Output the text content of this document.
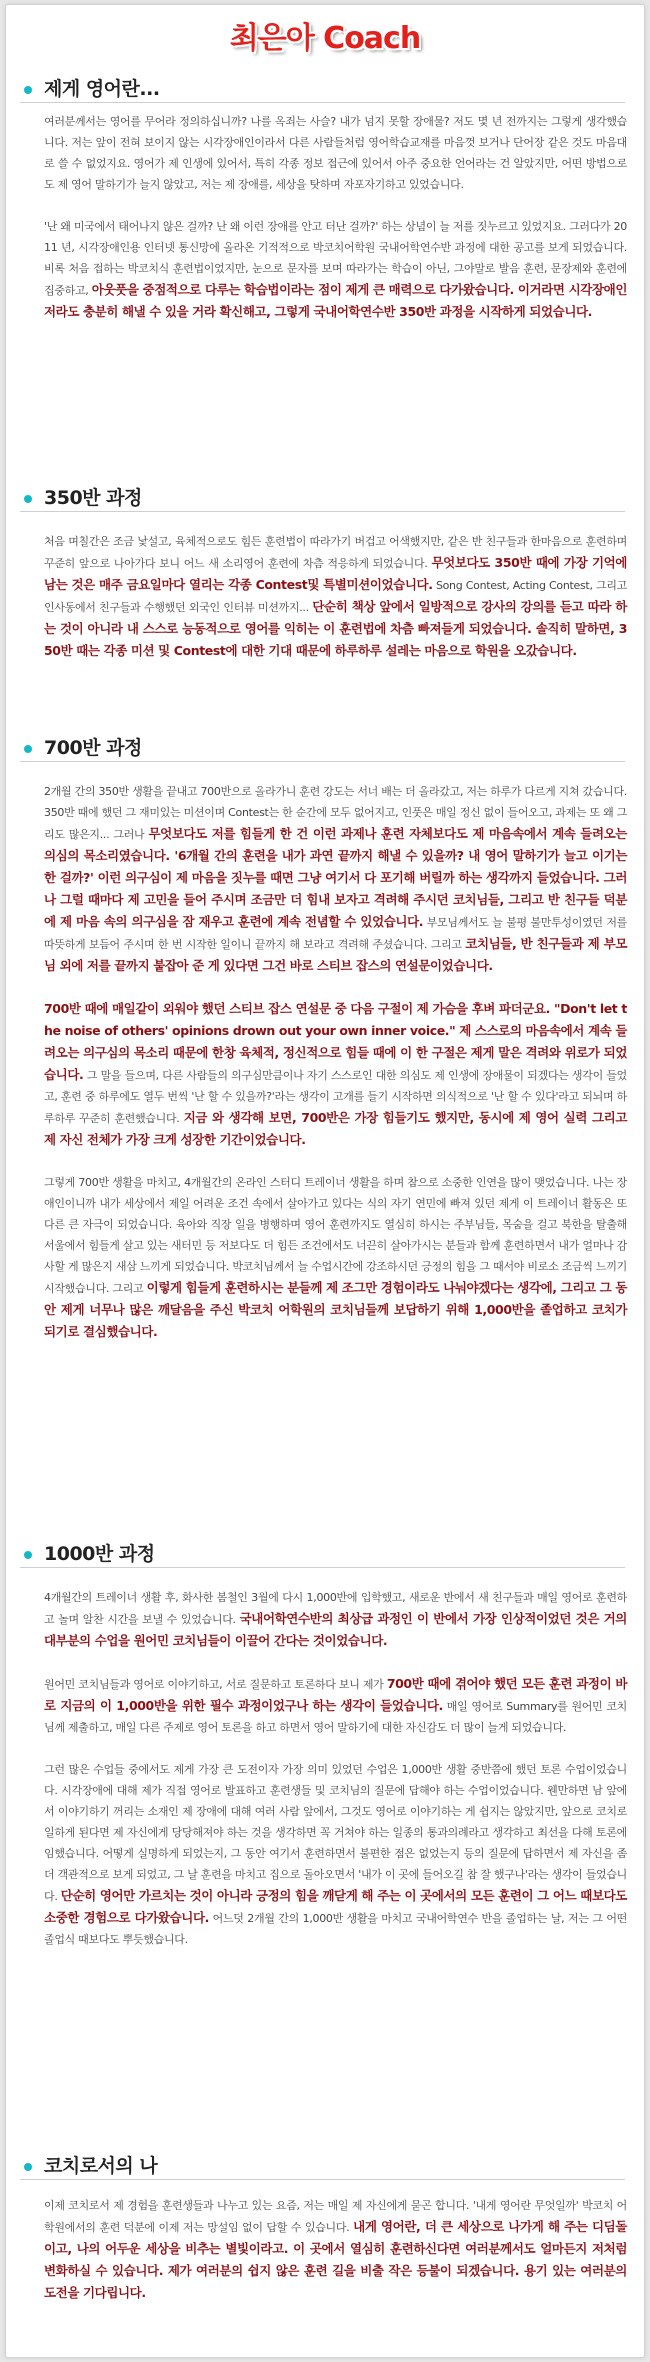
최은아 Coach
제게 영어란...

여러분께서는 영어를 무어라 정의하십니까? 나를 옥죄는 사슬? 내가 넘지 못할 장애물? 저도 몇 년 전까지는 그렇게 생각했습니다. 저는 앞이 전혀 보이지 않는 시각장애인이라서 다른 사람들처럼 영어학습교재를 마음껏 보거나 단어장 같은 것도 마음대로 쓸 수 없었지요. 영어가 제 인생에 있어서, 특히 각종 정보 접근에 있어서 아주 중요한 언어라는 건 알았지만, 어떤 방법으로도 제 영어 말하기가 늘지 않았고, 저는 제 장애를, 세상을 탓하며 자포자기하고 있었습니다.

'난 왜 미국에서 태어나지 않은 걸까? 난 왜 이런 장애를 안고 터난 걸까?' 하는 상념이 늘 저를 짓누르고 있었지요. 그러다가 2011 년, 시각장애인용 인터넷 통신망에 올라온 기적적으로 박코치어학원 국내어학연수반 과정에 대한 공고를 보게 되었습니다. 비록 처음 접하는 박코치식 훈련법이었지만, 눈으로 문자를 보며 따라가는 학습이 아닌, 그야말로 발음 훈련, 문장제와 훈련에 집중하고, 아웃풋을 중점적으로 다루는 학습법이라는 점이 제게 큰 매력으로 다가왔습니다. 이거라면 시각장애인 저라도 충분히 해낼 수 있을 거라 확신해고, 그렇게 국내어학연수반 350반 과정을 시작하게 되었습니다.

350반 과정

처음 며칠간은 조금 낯설고, 육체적으로도 힘든 훈련법이 따라가기 버겁고 어색했지만, 같은 반 친구들과 한마음으로 훈련하며 꾸준히 앞으로 나아가다 보니 어느 새 소리영어 훈련에 차츰 적응하게 되었습니다. 무엇보다도 350반 때에 가장 기억에 남는 것은 매주 금요일마다 열리는 각종 Contest및 특별미션이었습니다. Song Contest, Acting Contest, 그리고 인사동에서 친구들과 수행했던 외국인 인터뷰 미션까지... 단순히 책상 앞에서 일방적으로 강사의 강의를 듣고 따라 하는 것이 아니라 내 스스로 능동적으로 영어를 익히는 이 훈련법에 차츰 빠져들게 되었습니다. 솔직히 말하면, 350반 때는 각종 미션 및 Contest에 대한 기대 때문에 하루하루 설레는 마음으로 학원을 오갔습니다.

700반 과정

2개월 간의 350반 생활을 끝내고 700반으로 올라가니 훈련 강도는 서너 배는 더 올라갔고, 저는 하루가 다르게 지쳐 갔습니다. 350반 때에 했던 그 재미있는 미션이며 Contest는 한 순간에 모두 없어지고, 인풋은 매일 정신 없이 들어오고, 과제는 또 왜 그리도 많은지... 그러나 무엇보다도 저를 힘들게 한 건 이런 과제나 훈련 자체보다도 제 마음속에서 계속 들려오는 의심의 목소리였습니다. '6개월 간의 훈련을 내가 과연 끝까지 해낼 수 있을까? 내 영어 말하기가 늘고 이기는 한 걸까?' 이런 의구심이 제 마음을 짓누를 때면 그냥 여기서 다 포기해 버릴까 하는 생각까지 들었습니다. 그러나 그럴 때마다 제 고민을 들어 주시며 조금만 더 힘내 보자고 격려해 주시던 코치님들, 그리고 반 친구들 덕분에 제 마음 속의 의구심을 잠 재우고 훈련에 계속 전념할 수 있었습니다. 부모님께서도 늘 불평 불만투성이였던 저를 따뜻하게 보듬어 주시며 한 번 시작한 일이니 끝까지 해 보라고 격려해 주셨습니다. 그리고 코치님들, 반 친구들과 제 부모님 외에 저를 끝까지 붙잡아 준 게 있다면 그건 바로 스티브 잡스의 연설문이었습니다.

700반 때에 매일같이 외워야 했던 스티브 잡스 연설문 중 다음 구절이 제 가슴을 후벼 파더군요. "Don't let the noise of others' opinions drown out your own inner voice." 제 스스로의 마음속에서 계속 들려오는 의구심의 목소리 때문에 한창 육체적, 정신적으로 힘들 때에 이 한 구절은 제게 말은 격려와 위로가 되었습니다. 그 말을 들으며, 다른 사람들의 의구심만큼이나 자기 스스로인 대한 의심도 제 인생에 장애물이 되겠다는 생각이 들었고, 훈련 중 하루에도 열두 번씩 '난 할 수 있을까?'라는 생각이 고개를 들기 시작하면 의식적으로 '난 할 수 있다'라고 되뇌며 하루하루 꾸준히 훈련했습니다. 지금 와 생각해 보면, 700반은 가장 힘들기도 했지만, 동시에 제 영어 실력 그리고 제 자신 전체가 가장 크게 성장한 기간이었습니다.

그렇게 700반 생활을 마치고, 4개월간의 온라인 스터디 트레이너 생활을 하며 참으로 소중한 인연을 많이 맺었습니다. 나는 장애인이니까 내가 세상에서 제일 어려운 조건 속에서 살아가고 있다는 식의 자기 연민에 빠져 있던 제게 이 트레이너 활동은 또 다른 큰 자극이 되었습니다. 육아와 직장 일을 병행하며 영어 훈련까지도 열심히 하시는 주부님들, 목숨을 걸고 북한을 탈출해 서울에서 힘들게 살고 있는 새터민 등 저보다도 더 힘든 조건에서도 너끈히 살아가시는 분들과 함께 훈련하면서 내가 얼마나 감사할 게 많은지 새삼 느끼게 되었습니다. 박코치님께서 늘 수업시간에 강조하시던 긍정의 힘을 그 때서야 비로소 조금씩 느끼기 시작했습니다. 그리고 이렇게 힘들게 훈련하시는 분들께 제 조그만 경험이라도 나눠야겠다는 생각에, 그리고 그 동안 제게 너무나 많은 깨달음을 주신 박코치 어학원의 코치님들께 보답하기 위해 1,000반을 졸업하고 코치가 되기로 결심했습니다.

1000반 과정

4개월간의 트레이너 생활 후, 화사한 봄철인 3월에 다시 1,000반에 입학했고, 새로운 반에서 새 친구들과 매일 영어로 훈련하고 놀며 알찬 시간을 보낼 수 있었습니다. 국내어학연수반의 최상급 과정인 이 반에서 가장 인상적이었던 것은 거의 대부분의 수업을 원어민 코치님들이 이끌어 간다는 것이었습니다.

원어민 코치님들과 영어로 이야기하고, 서로 질문하고 토론하다 보니 제가 700반 때에 겪어야 했던 모든 훈련 과정이 바로 지금의 이 1,000반을 위한 필수 과정이었구나 하는 생각이 들었습니다. 매일 영어로 Summary를 원어민 코치님께 제출하고, 매일 다른 주제로 영어 토론을 하고 하면서 영어 말하기에 대한 자신감도 더 많이 늘게 되었습니다.

그런 많은 수업들 중에서도 제게 가장 큰 도전이자 가장 의미 있었던 수업은 1,000반 생활 중반쯤에 했던 토론 수업이었습니다. 시각장애에 대해 제가 직접 영어로 발표하고 훈련생들 및 코치님의 질문에 답해야 하는 수업이었습니다. 웬만하면 남 앞에서 이야기하기 꺼리는 소재인 제 장애에 대해 여러 사람 앞에서, 그것도 영어로 이야기하는 게 쉽지는 않았지만, 앞으로 코치로 일하게 된다면 제 자신에게 당당해져야 하는 것을 생각하면 꼭 거쳐야 하는 일종의 통과의례라고 생각하고 최선을 다해 토론에 임했습니다. 어떻게 실명하게 되었는지, 그 동안 여기서 훈련하면서 불편한 점은 없었는지 등의 질문에 답하면서 제 자신을 좀더 객관적으로 보게 되었고, 그 날 훈련을 마치고 집으로 돌아오면서 '내가 이 곳에 들어오길 참 잘 했구나'라는 생각이 들었습니다. 단순히 영어만 가르치는 것이 아니라 긍정의 힘을 깨닫게 해 주는 이 곳에서의 모든 훈련이 그 어느 때보다도 소중한 경험으로 다가왔습니다. 어느덧 2개월 간의 1,000반 생활을 마치고 국내어학연수 반을 졸업하는 날, 저는 그 어떤 졸업식 때보다도 뿌듯했습니다.

코치로서의 나

이제 코치로서 제 경험을 훈련생들과 나누고 있는 요즘, 저는 매일 제 자신에게 묻곤 합니다. '내게 영어란 무엇일까' 박코치 어학원에서의 훈련 덕분에 이제 저는 망설임 없이 답할 수 있습니다. 내게 영어란, 더 큰 세상으로 나가게 해 주는 디딤돌이고, 나의 어두운 세상을 비추는 별빛이라고. 이 곳에서 열심히 훈련하신다면 여러분께서도 얼마든지 저처럼 변화하실 수 있습니다. 제가 여러분의 쉽지 않은 훈련 길을 비출 작은 등불이 되겠습니다. 용기 있는 여러분의 도전을 기다립니다.
